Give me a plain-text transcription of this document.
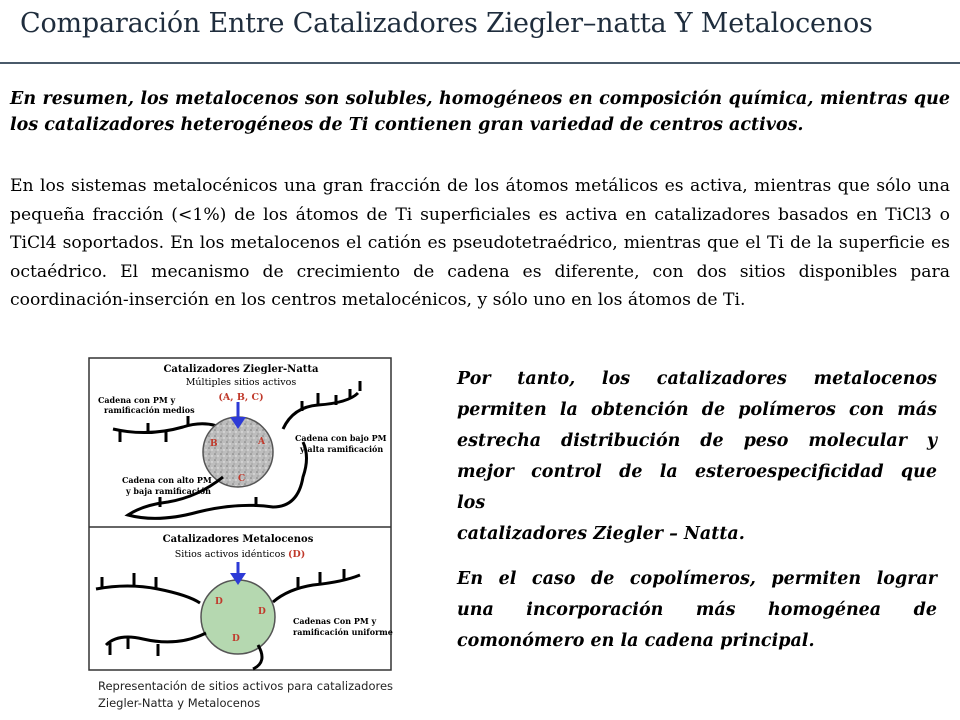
Comparación Entre Catalizadores Ziegler–natta Y Metalocenos

En resumen, los metalocenos son solubles, homogéneos en composición química, mientras que los catalizadores heterogéneos de Ti contienen gran variedad de centros activos.

En los sistemas metalocénicos una gran fracción de los átomos metálicos es activa, mientras que sólo una pequeña fracción (<1%) de los átomos de Ti superficiales es activa en catalizadores basados en TiCl3 o TiCl4 soportados. En los metalocenos el catión es pseudotetraédrico, mientras que el Ti de la superficie es octaédrico. El mecanismo de crecimiento de cadena es diferente, con dos sitios disponibles para coordinación-inserción en los centros metalocénicos, y sólo uno en los átomos de Ti.

Catalizadores Ziegler-Natta
Múltiples sitios activos
(A, B, C)
Cadena con PM y
ramificación medios
Cadena con bajo PM
y alta ramificación
B	A
C
Cadena con alto PM
y baja ramificación
Catalizadores Metalocenos
Sitios activos idénticos (D)
D
D
D
Cadenas Con PM y
ramificación uniforme
Representación de sitios activos para catalizadores Ziegler-Natta y Metalocenos

Por tanto, los catalizadores metalocenos
permiten la obtención de polímeros con más
estrecha distribución de peso molecular y
mejor control de la esteroespecificidad que
los
catalizadores Ziegler – Natta.

En el caso de copolímeros, permiten lograr
una incorporación más homogénea de
comonómero en la cadena principal.
